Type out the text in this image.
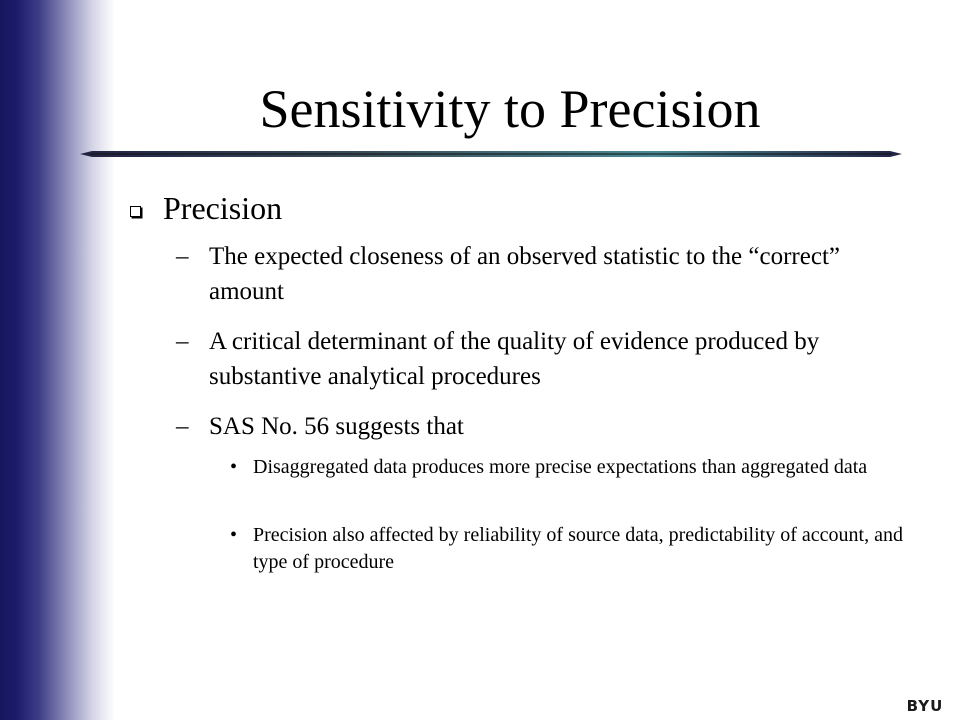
Sensitivity to Precision
Precision
– The expected closeness of an observed statistic to the “correct” amount
– A critical determinant of the quality of evidence produced by substantive analytical procedures
– SAS No. 56 suggests that
• Disaggregated data produces more precise expectations than aggregated data
• Precision also affected by reliability of source data, predictability of account, and type of procedure
BYU
